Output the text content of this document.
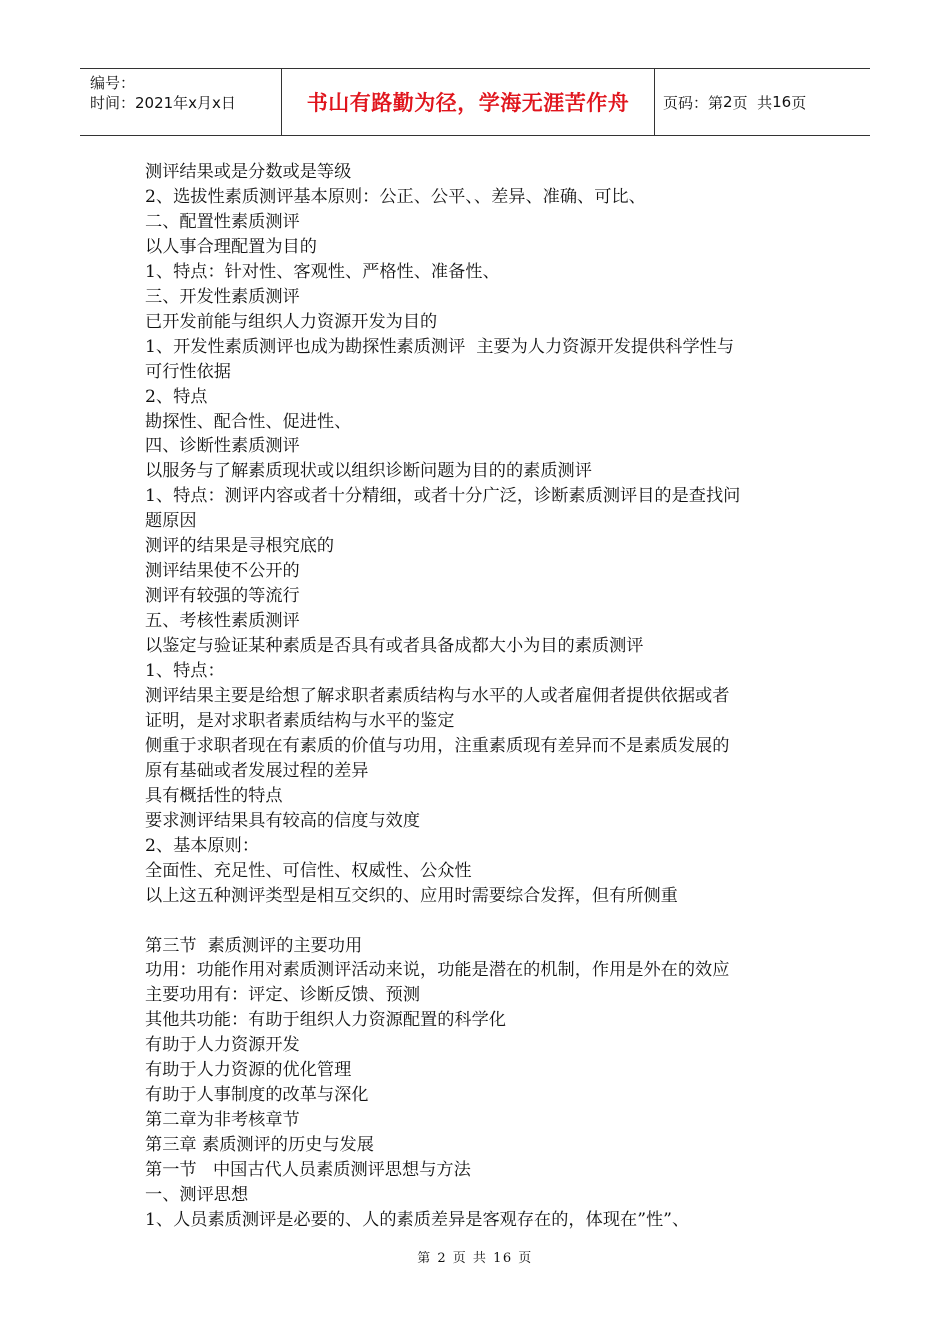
编号：
时间：2021年x月x日	书山有路勤为径，学海无涯苦作舟	页码：第 2 页  共 16 页

测评结果或是分数或是等级

2、选拔性素质测评基本原则：公正、公平、、差异、准确、可比、

二、配置性素质测评

以人事合理配置为目的

1、特点：针对性、客观性、严格性、准备性、

三、开发性素质测评

已开发前能与组织人力资源开发为目的

1、开发性素质测评也成为勘探性素质测评  主要为人力资源开发提供科学性与

可行性依据

2、特点

勘探性、配合性、促进性、

四、诊断性素质测评

以服务与了解素质现状或以组织诊断问题为目的的素质测评

1、特点：测评内容或者十分精细，或者十分广泛，诊断素质测评目的是查找问

题原因

测评的结果是寻根究底的

测评结果使不公开的

测评有较强的等流行

五、考核性素质测评

以鉴定与验证某种素质是否具有或者具备成都大小为目的素质测评

1、特点：

测评结果主要是给想了解求职者素质结构与水平的人或者雇佣者提供依据或者

证明，是对求职者素质结构与水平的鉴定

侧重于求职者现在有素质的价值与功用，注重素质现有差异而不是素质发展的

原有基础或者发展过程的差异

具有概括性的特点

要求测评结果具有较高的信度与效度

2、基本原则：

全面性、充足性、可信性、权威性、公众性

以上这五种测评类型是相互交织的、应用时需要综合发挥，但有所侧重

第三节  素质测评的主要功用

功用：功能作用对素质测评活动来说，功能是潜在的机制，作用是外在的效应

主要功用有：评定、诊断反馈、预测

其他共功能：有助于组织人力资源配置的科学化

有助于人力资源开发

有助于人力资源的优化管理

有助于人事制度的改革与深化

第二章为非考核章节

第三章 素质测评的历史与发展

第一节   中国古代人员素质测评思想与方法

一、测评思想

1、人员素质测评是必要的、人的素质差异是客观存在的，体现在”性”、

第 2 页 共 16 页
